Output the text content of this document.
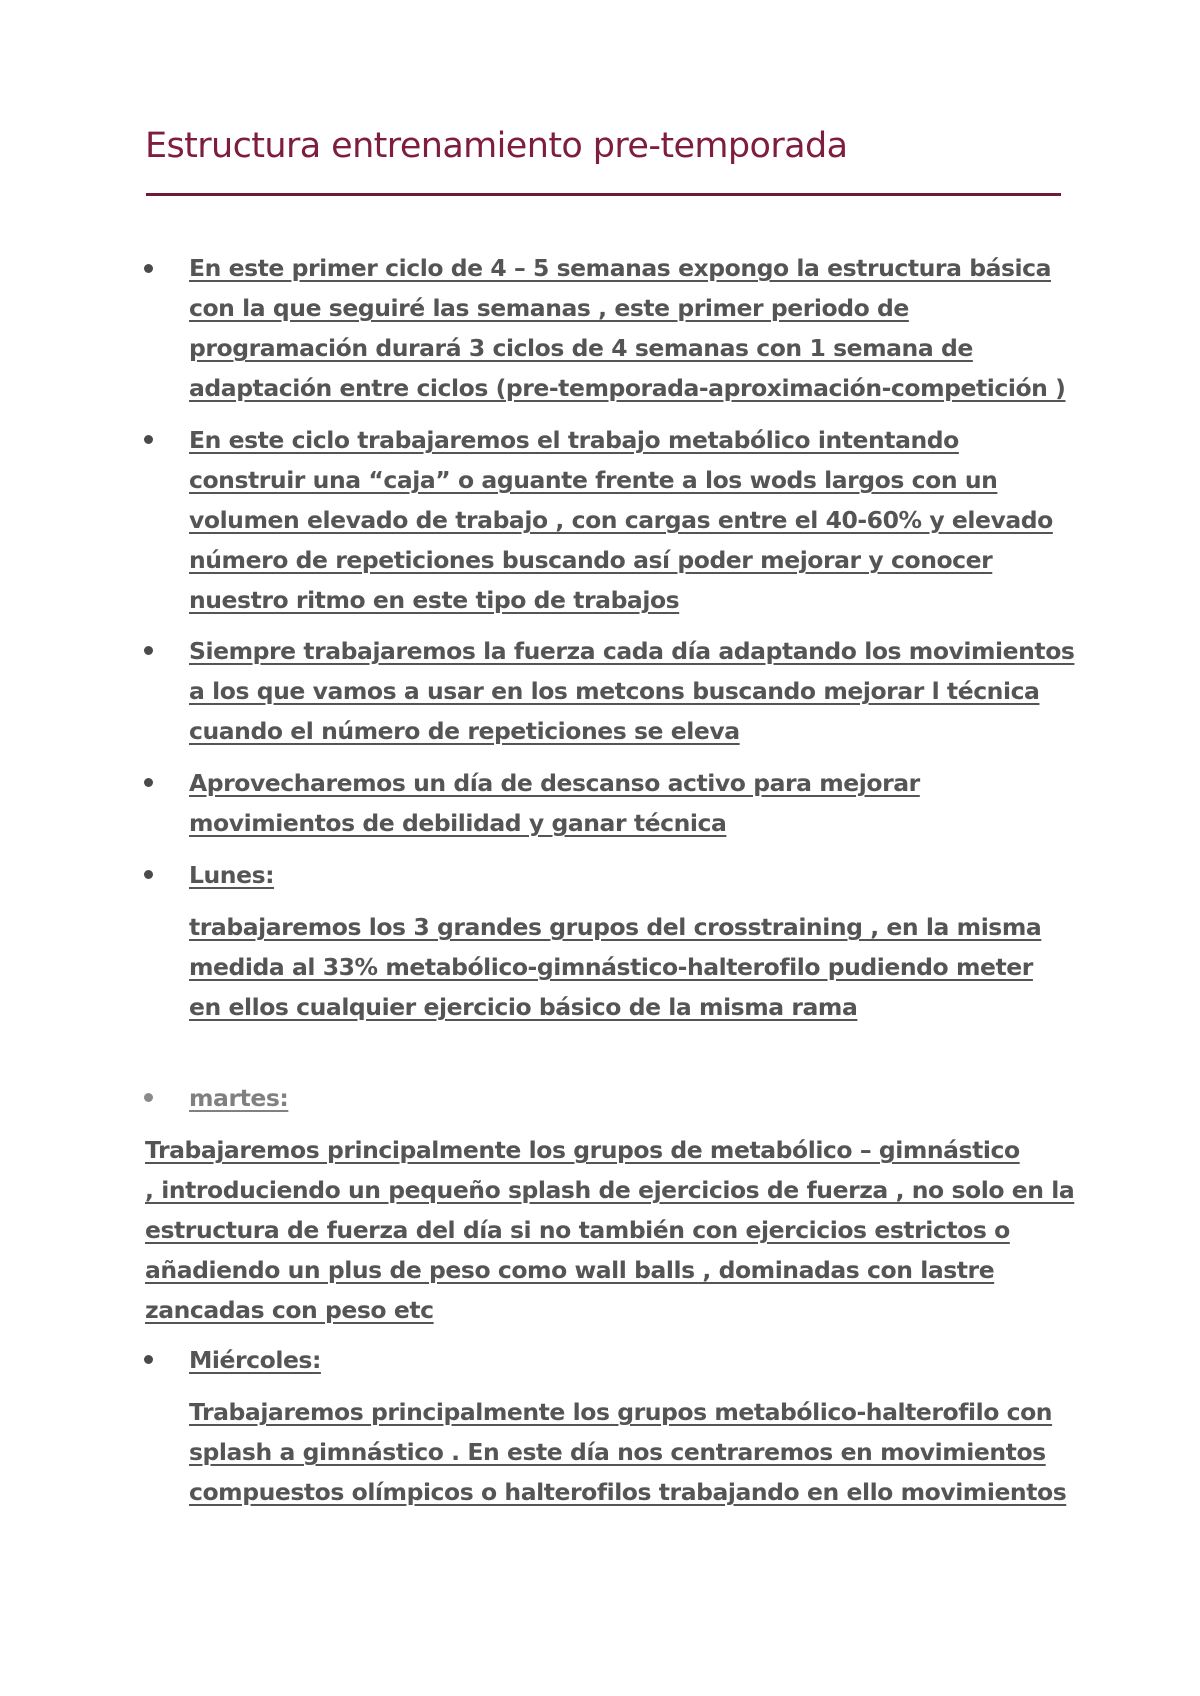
Estructura entrenamiento pre-temporada

En este primer ciclo de 4 – 5 semanas expongo la estructura básica
con la que seguiré las semanas , este primer periodo de
programación durará 3 ciclos de 4 semanas con 1 semana de
adaptación entre ciclos (pre-temporada-aproximación-competición )

En este ciclo trabajaremos el trabajo metabólico intentando
construir una “caja” o aguante frente a los wods largos con un
volumen elevado de trabajo , con cargas entre el 40-60% y elevado
número de repeticiones buscando así poder mejorar y conocer
nuestro ritmo en este tipo de trabajos

Siempre trabajaremos la fuerza cada día adaptando los movimientos
a los que vamos a usar en los metcons buscando mejorar l técnica
cuando el número de repeticiones se eleva

Aprovecharemos un día de descanso activo para mejorar
movimientos de debilidad y ganar técnica

Lunes:

trabajaremos los 3 grandes grupos del crosstraining , en la misma
medida al 33% metabólico-gimnástico-halterofilo pudiendo meter
en ellos cualquier ejercicio básico de la misma rama

martes:

Trabajaremos principalmente los grupos de metabólico – gimnástico
, introduciendo un pequeño splash de ejercicios de fuerza , no solo en la
estructura de fuerza del día si no también con ejercicios estrictos o
añadiendo un plus de peso como wall balls , dominadas con lastre
zancadas con peso etc

Miércoles:

Trabajaremos principalmente los grupos metabólico-halterofilo con
splash a gimnástico . En este día nos centraremos en movimientos
compuestos olímpicos o halterofilos trabajando en ello movimientos
